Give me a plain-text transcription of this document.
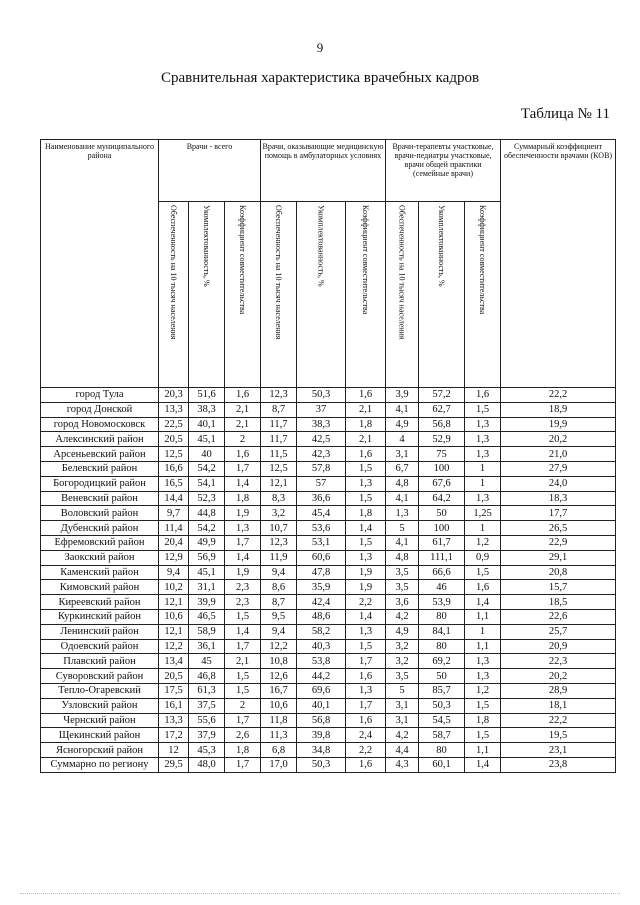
9
Сравнительная характеристика врачебных кадров
Таблица № 11
Наименование муниципального района	Врачи - всего			Врачи, оказывающие медицинскую помощь в амбулаторных условиях			Врачи-терапевты участковые, врачи-педиатры участковые, врачи общей практики (семейные врачи)			Суммарный коэффициент обеспеченности врачами (КОВ)

	Обеспеченность на 10 тысяч населения	Укомплектованность, %	Коэффициент совместительства	Обеспеченность на 10 тысяч населения	Укомплектованность, %	Коэффициент совместительства	Обеспеченность на 10 тысяч населения	Укомплектованность, %	Коэффициент совместительства	

город Тула	20,3	51,6	1,6	12,3	50,3	1,6	3,9	57,2	1,6	22,2
город Донской	13,3	38,3	2,1	8,7	37	2,1	4,1	62,7	1,5	18,9
город Новомосковск	22,5	40,1	2,1	11,7	38,3	1,8	4,9	56,8	1,3	19,9
Алексинский район	20,5	45,1	2	11,7	42,5	2,1	4	52,9	1,3	20,2
Арсеньевский район	12,5	40	1,6	11,5	42,3	1,6	3,1	75	1,3	21,0
Белевский район	16,6	54,2	1,7	12,5	57,8	1,5	6,7	100	1	27,9
Богородицкий район	16,5	54,1	1,4	12,1	57	1,3	4,8	67,6	1	24,0
Веневский район	14,4	52,3	1,8	8,3	36,6	1,5	4,1	64,2	1,3	18,3
Воловский район	9,7	44,8	1,9	3,2	45,4	1,8	1,3	50	1,25	17,7
Дубенский район	11,4	54,2	1,3	10,7	53,6	1,4	5	100	1	26,5
Ефремовский район	20,4	49,9	1,7	12,3	53,1	1,5	4,1	61,7	1,2	22,9
Заокский район	12,9	56,9	1,4	11,9	60,6	1,3	4,8	111,1	0,9	29,1
Каменский район	9,4	45,1	1,9	9,4	47,8	1,9	3,5	66,6	1,5	20,8
Кимовский район	10,2	31,1	2,3	8,6	35,9	1,9	3,5	46	1,6	15,7
Киреевский район	12,1	39,9	2,3	8,7	42,4	2,2	3,6	53,9	1,4	18,5
Куркинский район	10,6	46,5	1,5	9,5	48,6	1,4	4,2	80	1,1	22,6
Ленинский район	12,1	58,9	1,4	9,4	58,2	1,3	4,9	84,1	1	25,7
Одоевский район	12,2	36,1	1,7	12,2	40,3	1,5	3,2	80	1,1	20,9
Плавский район	13,4	45	2,1	10,8	53,8	1,7	3,2	69,2	1,3	22,3
Суворовский район	20,5	46,8	1,5	12,6	44,2	1,6	3,5	50	1,3	20,2
Тепло-Огаревский	17,5	61,3	1,5	16,7	69,6	1,3	5	85,7	1,2	28,9
Узловский район	16,1	37,5	2	10,6	40,1	1,7	3,1	50,3	1,5	18,1
Чернский район	13,3	55,6	1,7	11,8	56,8	1,6	3,1	54,5	1,8	22,2
Щекинский район	17,2	37,9	2,6	11,3	39,8	2,4	4,2	58,7	1,5	19,5
Ясногорский район	12	45,3	1,8	6,8	34,8	2,2	4,4	80	1,1	23,1
Суммарно по региону	29,5	48,0	1,7	17,0	50,3	1,6	4,3	60,1	1,4	23,8
